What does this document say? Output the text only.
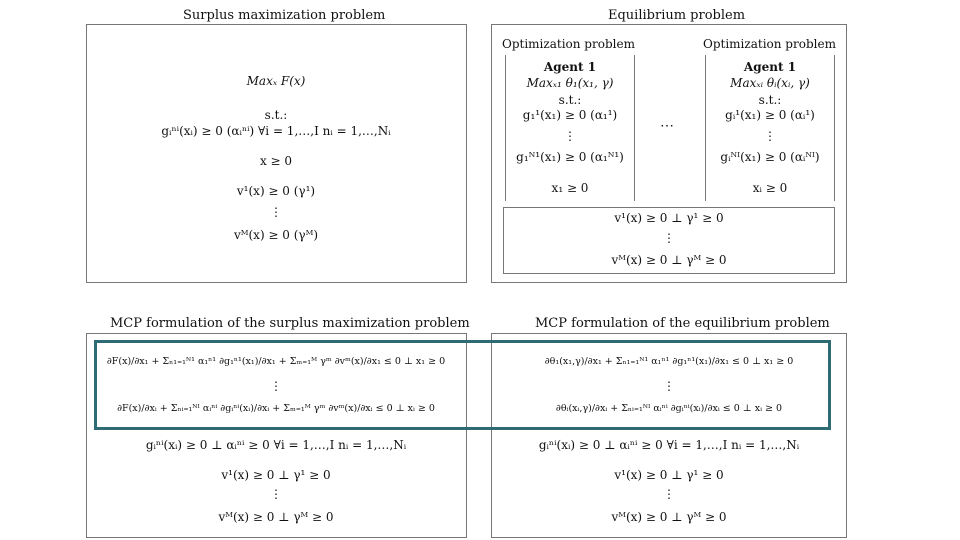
Surplus maximization problem
Maxₓ F(x)
s.t.:
gᵢⁿⁱ(xᵢ) ≥ 0 (αᵢⁿⁱ) ∀i = 1,…,I nᵢ = 1,…,Nᵢ
x ≥ 0
v¹(x) ≥ 0 (γ¹)
⋮
vᴹ(x) ≥ 0 (γᴹ)
Equilibrium problem
Optimization problem	Optimization problem
Agent 1
Maxₓ₁ θ₁(x₁, γ)
s.t.:
g₁¹(x₁) ≥ 0 (α₁¹)
⋮
g₁ᴺ¹(x₁) ≥ 0 (α₁ᴺ¹)
x₁ ≥ 0
⋯
Agent 1
Maxₓᵢ θᵢ(xᵢ, γ)
s.t.:
gᵢ¹(x₁) ≥ 0 (αᵢ¹)
⋮
gᵢᴺᴵ(x₁) ≥ 0 (αᵢᴺᴵ)
xᵢ ≥ 0
v¹(x) ≥ 0 ⊥ γ¹ ≥ 0
⋮
vᴹ(x) ≥ 0 ⊥ γᴹ ≥ 0
MCP formulation of the surplus maximization problem
∂F(x)/∂x₁ + Σₙ₁₌₁ᴺ¹ α₁ⁿ¹ ∂g₁ⁿ¹(x₁)/∂x₁ + Σₘ₌₁ᴹ γᵐ ∂vᵐ(x)/∂x₁ ≤ 0 ⊥ x₁ ≥ 0
⋮
∂F(x)/∂xᵢ + Σₙᵢ₌₁ᴺᴵ αᵢⁿⁱ ∂gᵢⁿⁱ(xᵢ)/∂xᵢ + Σₘ₌₁ᴹ γᵐ ∂vᵐ(x)/∂xᵢ ≤ 0 ⊥ xᵢ ≥ 0
gᵢⁿⁱ(xᵢ) ≥ 0 ⊥ αᵢⁿⁱ ≥ 0 ∀i = 1,…,I nᵢ = 1,…,Nᵢ
v¹(x) ≥ 0 ⊥ γ¹ ≥ 0
⋮
vᴹ(x) ≥ 0 ⊥ γᴹ ≥ 0
MCP formulation of the equilibrium problem
∂θ₁(x₁,γ)/∂x₁ + Σₙ₁₌₁ᴺ¹ α₁ⁿ¹ ∂g₁ⁿ¹(x₁)/∂x₁ ≤ 0 ⊥ x₁ ≥ 0
⋮
∂θᵢ(xᵢ,γ)/∂xᵢ + Σₙᵢ₌₁ᴺᴵ αᵢⁿⁱ ∂gᵢⁿⁱ(xᵢ)/∂xᵢ ≤ 0 ⊥ xᵢ ≥ 0
gᵢⁿⁱ(xᵢ) ≥ 0 ⊥ αᵢⁿⁱ ≥ 0 ∀i = 1,…,I nᵢ = 1,…,Nᵢ
v¹(x) ≥ 0 ⊥ γ¹ ≥ 0
⋮
vᴹ(x) ≥ 0 ⊥ γᴹ ≥ 0
